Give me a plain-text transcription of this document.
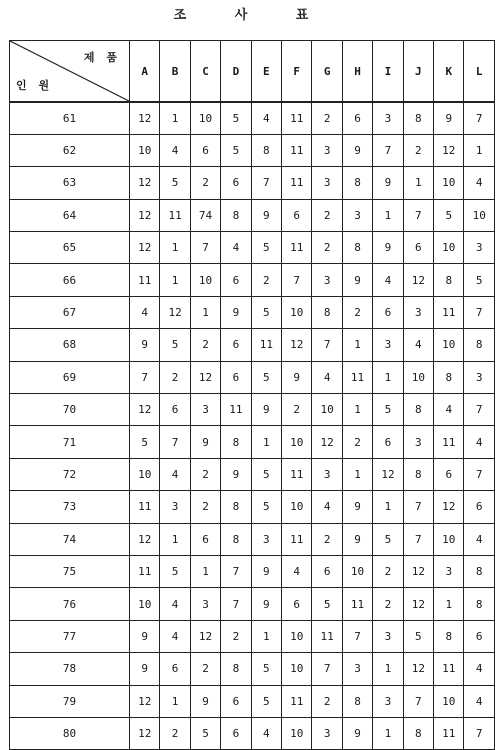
조 사 표
제 품
인 원	A	B	C	D	E	F	G	H	I	J	K	L
61	12	1	10	5	4	11	2	6	3	8	9	7
62	10	4	6	5	8	11	3	9	7	2	12	1
63	12	5	2	6	7	11	3	8	9	1	10	4
64	12	11	74	8	9	6	2	3	1	7	5	10
65	12	1	7	4	5	11	2	8	9	6	10	3
66	11	1	10	6	2	7	3	9	4	12	8	5
67	4	12	1	9	5	10	8	2	6	3	11	7
68	9	5	2	6	11	12	7	1	3	4	10	8
69	7	2	12	6	5	9	4	11	1	10	8	3
70	12	6	3	11	9	2	10	1	5	8	4	7
71	5	7	9	8	1	10	12	2	6	3	11	4
72	10	4	2	9	5	11	3	1	12	8	6	7
73	11	3	2	8	5	10	4	9	1	7	12	6
74	12	1	6	8	3	11	2	9	5	7	10	4
75	11	5	1	7	9	4	6	10	2	12	3	8
76	10	4	3	7	9	6	5	11	2	12	1	8
77	9	4	12	2	1	10	11	7	3	5	8	6
78	9	6	2	8	5	10	7	3	1	12	11	4
79	12	1	9	6	5	11	2	8	3	7	10	4
80	12	2	5	6	4	10	3	9	1	8	11	7
